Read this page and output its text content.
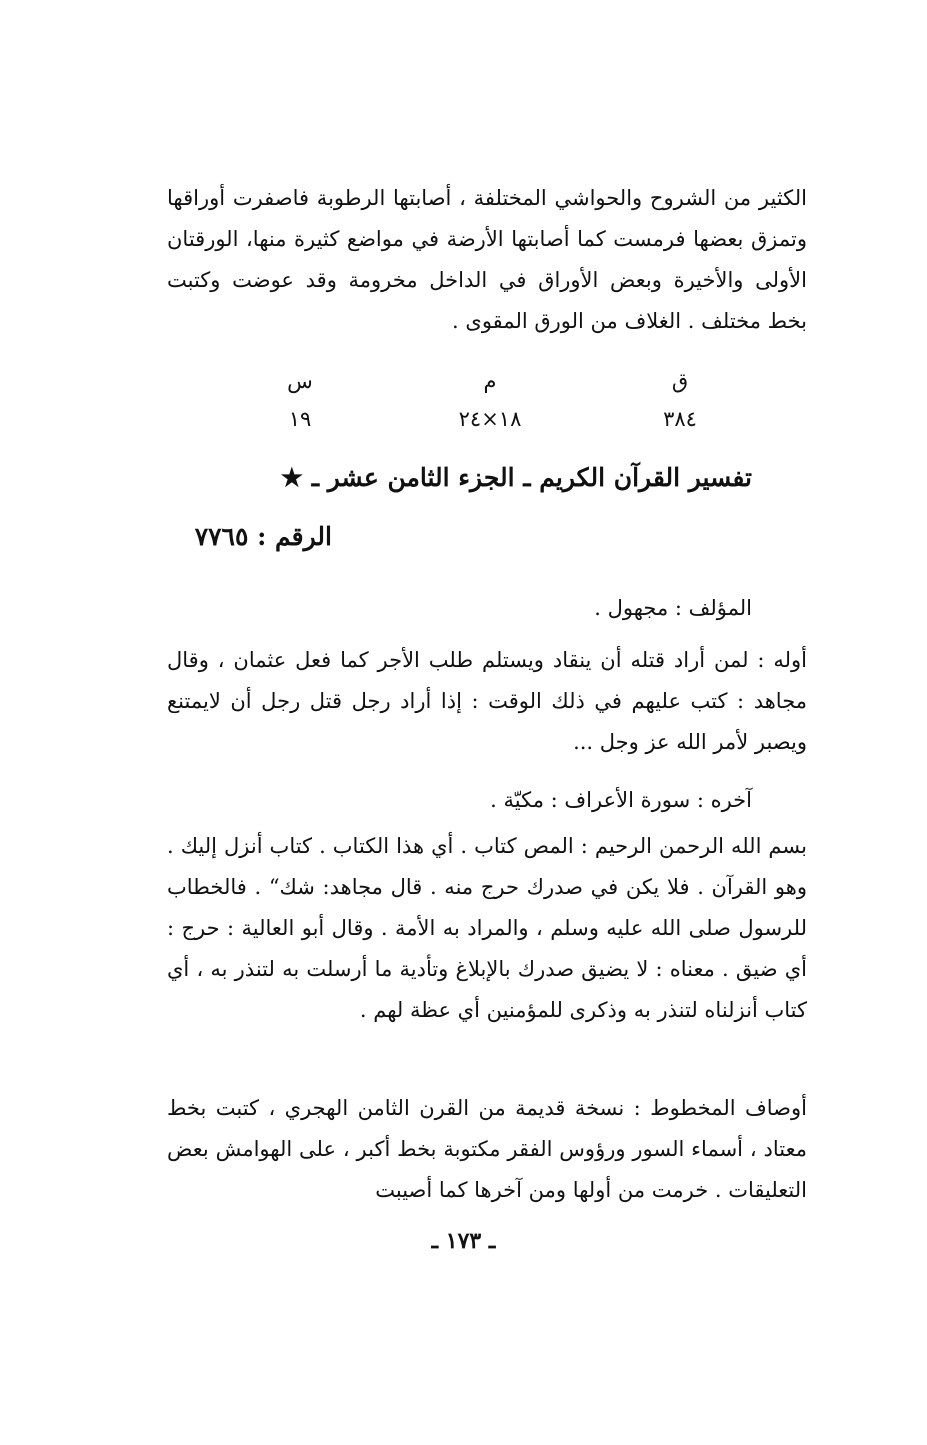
الكثير من الشروح والحواشي المختلفة ، أصابتها الرطوبة فاصفرت أوراقها وتمزق بعضها فرمست كما أصابتها الأرضة في مواضع كثيرة منها، الورقتان الأولى والأخيرة وبعض الأوراق في الداخل مخرومة وقد عوضت وكتبت بخط مختلف . الغلاف من الورق المقوى .

ق
٣٨٤
م
١٨×٢٤
س
١٩
تفسير القرآن الكريم ـ الجزء الثامن عشر ـ ★
الرقم : ٧٧٦٥

المؤلف : مجهول .

أوله : لمن أراد قتله أن ينقاد ويستلم طلب الأجر كما فعل عثمان ، وقال مجاهد : كتب عليهم في ذلك الوقت : إذا أراد رجل قتل رجل أن لايمتنع ويصبر لأمر الله عز وجل ...

آخره : سورة الأعراف : مكيّة .

بسم الله الرحمن الرحيم : المص كتاب . أي هذا الكتاب . كتاب أنزل إليك . وهو القرآن . فلا يكن في صدرك حرج منه . قال مجاهد: شك“ . فالخطاب للرسول صلى الله عليه وسلم ، والمراد به الأمة . وقال أبو العالية : حرج : أي ضيق . معناه : لا يضيق صدرك بالإبلاغ وتأدية ما أرسلت به لتنذر به ، أي كتاب أنزلناه لتنذر به وذكرى للمؤمنين أي عظة لهم .

أوصاف المخطوط : نسخة قديمة من القرن الثامن الهجري ، كتبت بخط معتاد ، أسماء السور ورؤوس الفقر مكتوبة بخط أكبر ، على الهوامش بعض التعليقات . خرمت من أولها ومن آخرها كما أصيبت

ـ ١٧٣ ـ
